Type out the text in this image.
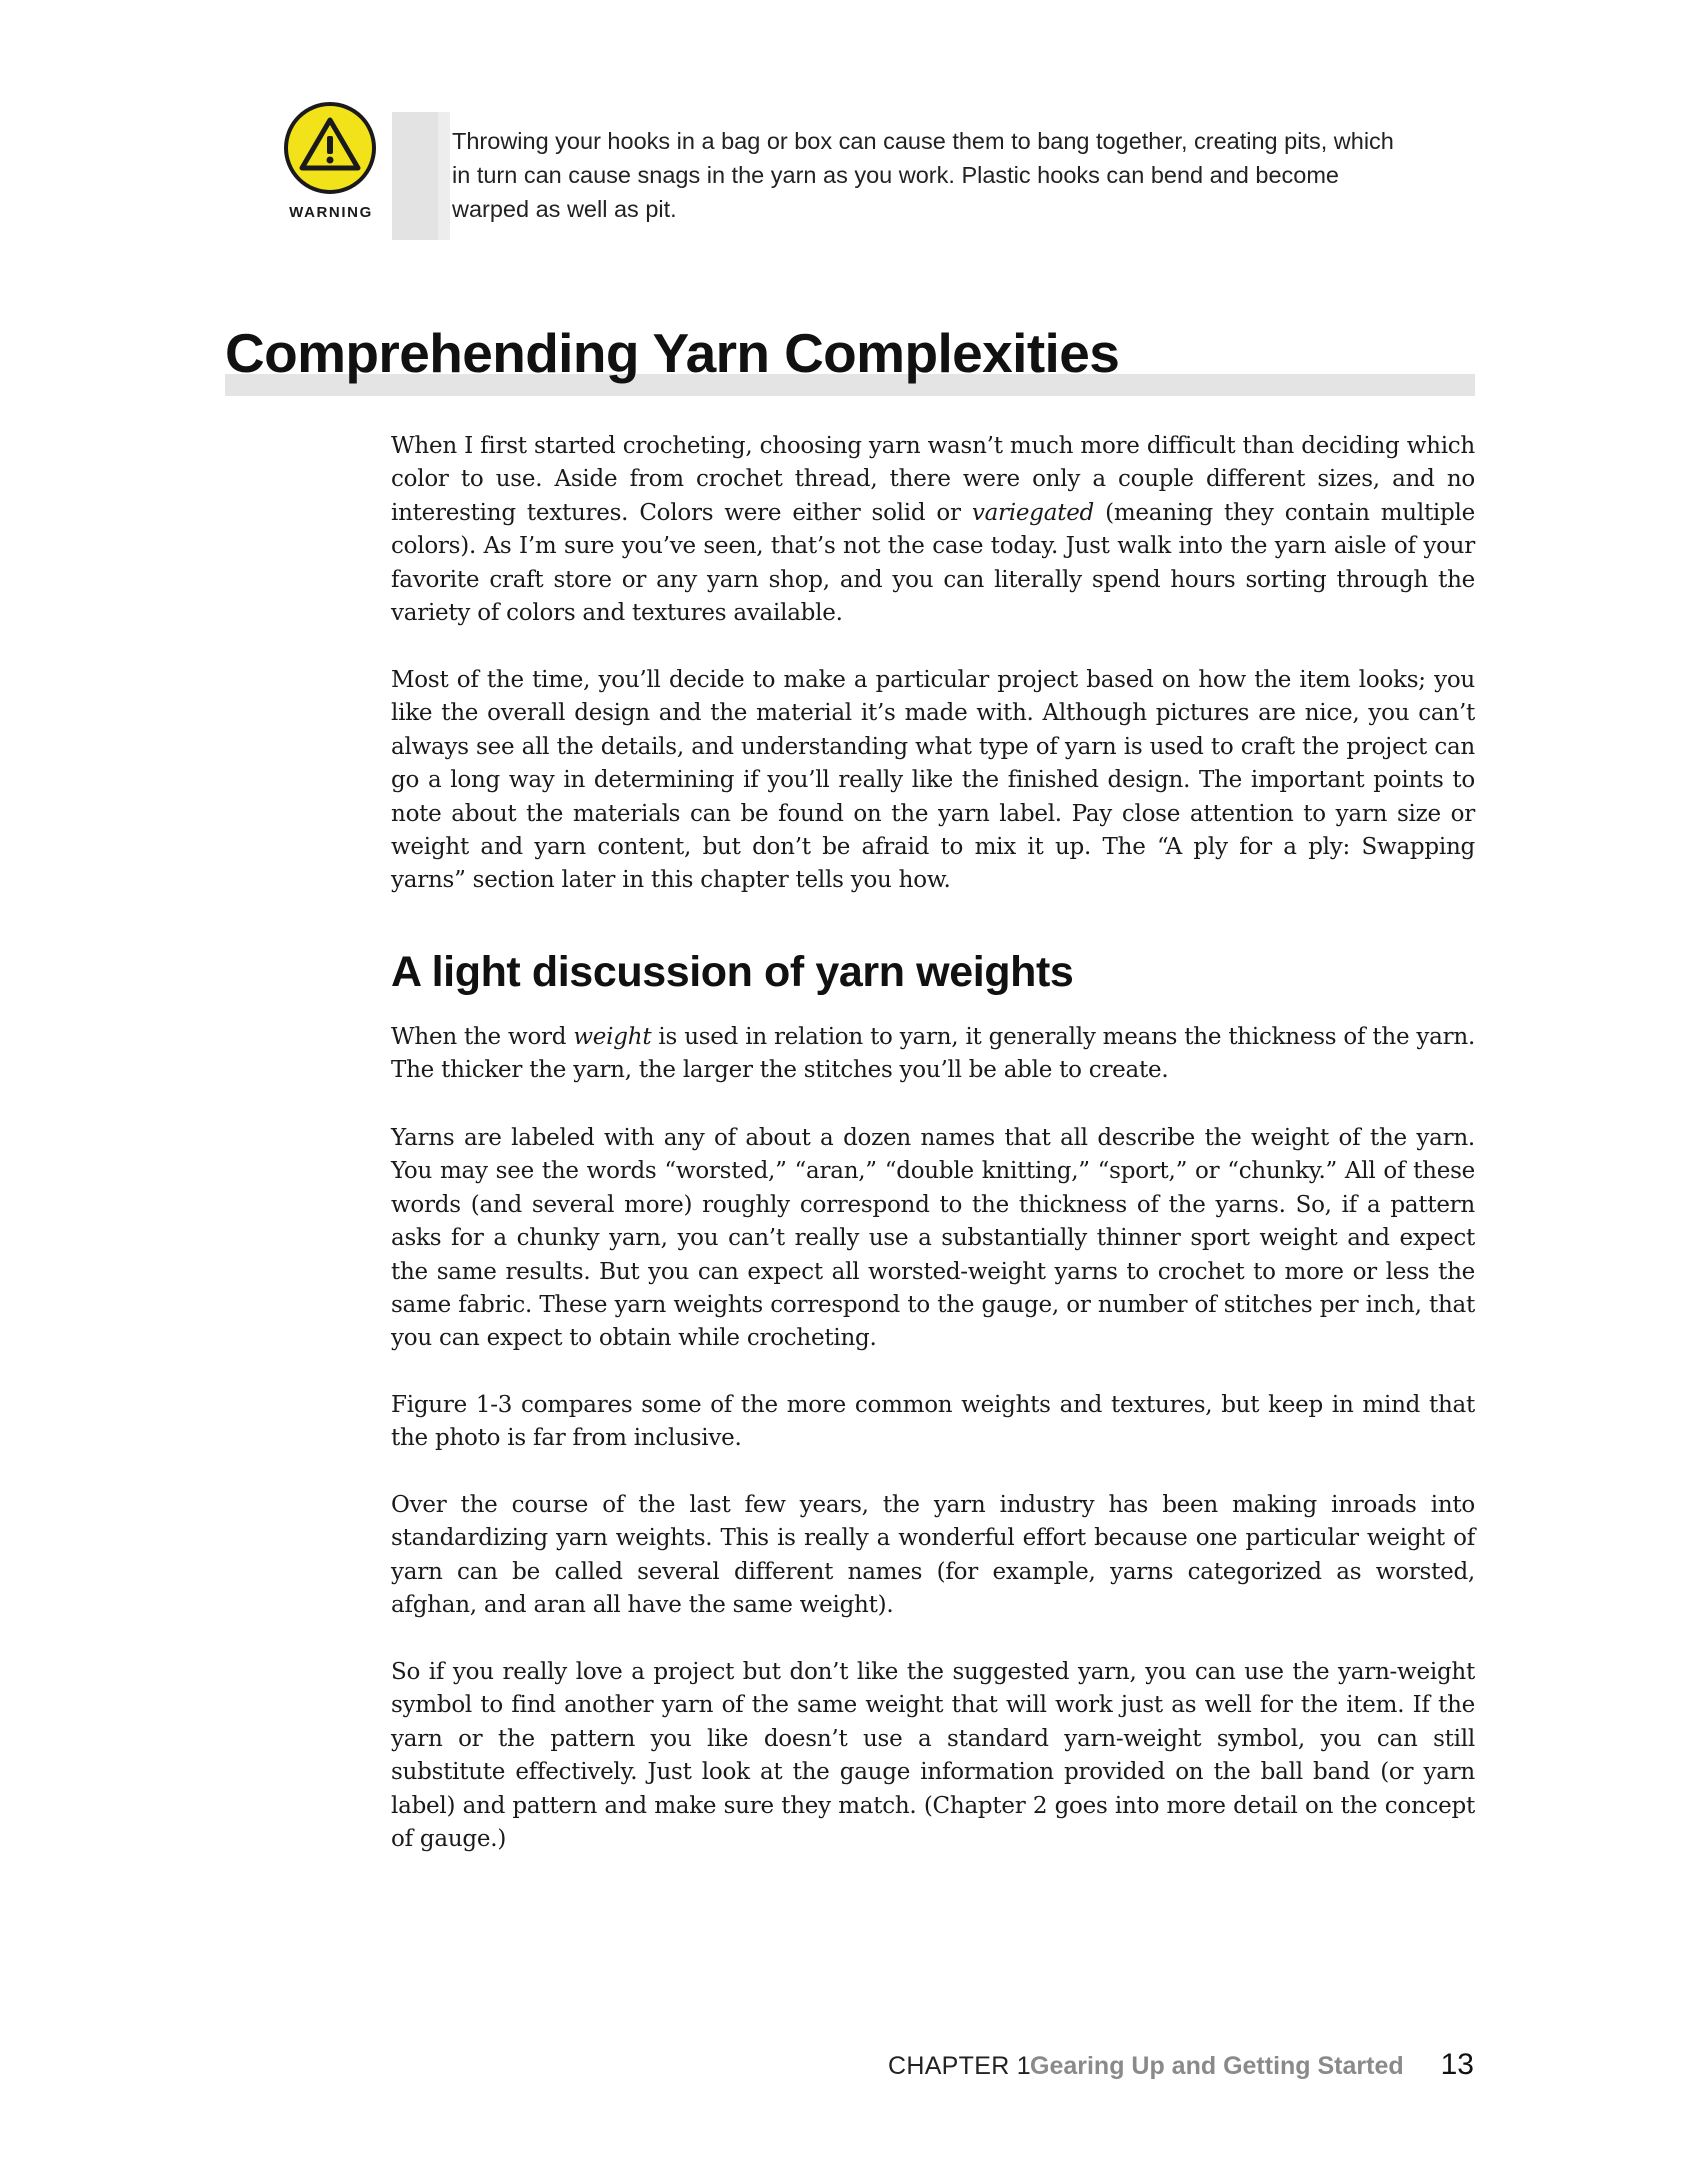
WARNING
Throwing your hooks in a bag or box can cause them to bang together, creating pits, which in turn can cause snags in the yarn as you work. Plastic hooks can bend and become warped as well as pit.
Comprehending Yarn Complexities

When I first started crocheting, choosing yarn wasn’t much more difficult than deciding which color to use. Aside from crochet thread, there were only a couple different sizes, and no interesting textures. Colors were either solid or variegated (meaning they contain multiple colors). As I’m sure you’ve seen, that’s not the case today. Just walk into the yarn aisle of your favorite craft store or any yarn shop, and you can literally spend hours sorting through the variety of colors and textures available.

Most of the time, you’ll decide to make a particular project based on how the item looks; you like the overall design and the material it’s made with. Although pictures are nice, you can’t always see all the details, and understanding what type of yarn is used to craft the project can go a long way in determining if you’ll really like the finished design. The important points to note about the materials can be found on the yarn label. Pay close attention to yarn size or weight and yarn content, but don’t be afraid to mix it up. The “A ply for a ply: Swapping yarns” section later in this chapter tells you how.

A light discussion of yarn weights

When the word weight is used in relation to yarn, it generally means the thickness of the yarn. The thicker the yarn, the larger the stitches you’ll be able to create.

Yarns are labeled with any of about a dozen names that all describe the weight of the yarn. You may see the words “worsted,” “aran,” “double knitting,” “sport,” or “chunky.” All of these words (and several more) roughly correspond to the thickness of the yarns. So, if a pattern asks for a chunky yarn, you can’t really use a substantially thinner sport weight and expect the same results. But you can expect all worsted-weight yarns to crochet to more or less the same fabric. These yarn weights correspond to the gauge, or number of stitches per inch, that you can expect to obtain while crocheting.

Figure 1-3 compares some of the more common weights and textures, but keep in mind that the photo is far from inclusive.

Over the course of the last few years, the yarn industry has been making inroads into standardizing yarn weights. This is really a wonderful effort because one particular weight of yarn can be called several different names (for example, yarns categorized as worsted, afghan, and aran all have the same weight).

So if you really love a project but don’t like the suggested yarn, you can use the yarn-weight symbol to find another yarn of the same weight that will work just as well for the item. If the yarn or the pattern you like doesn’t use a standard yarn-weight symbol, you can still substitute effectively. Just look at the gauge information provided on the ball band (or yarn label) and pattern and make sure they match. (Chapter 2 goes into more detail on the concept of gauge.)

CHAPTER 1
Gearing Up and Getting Started 13
